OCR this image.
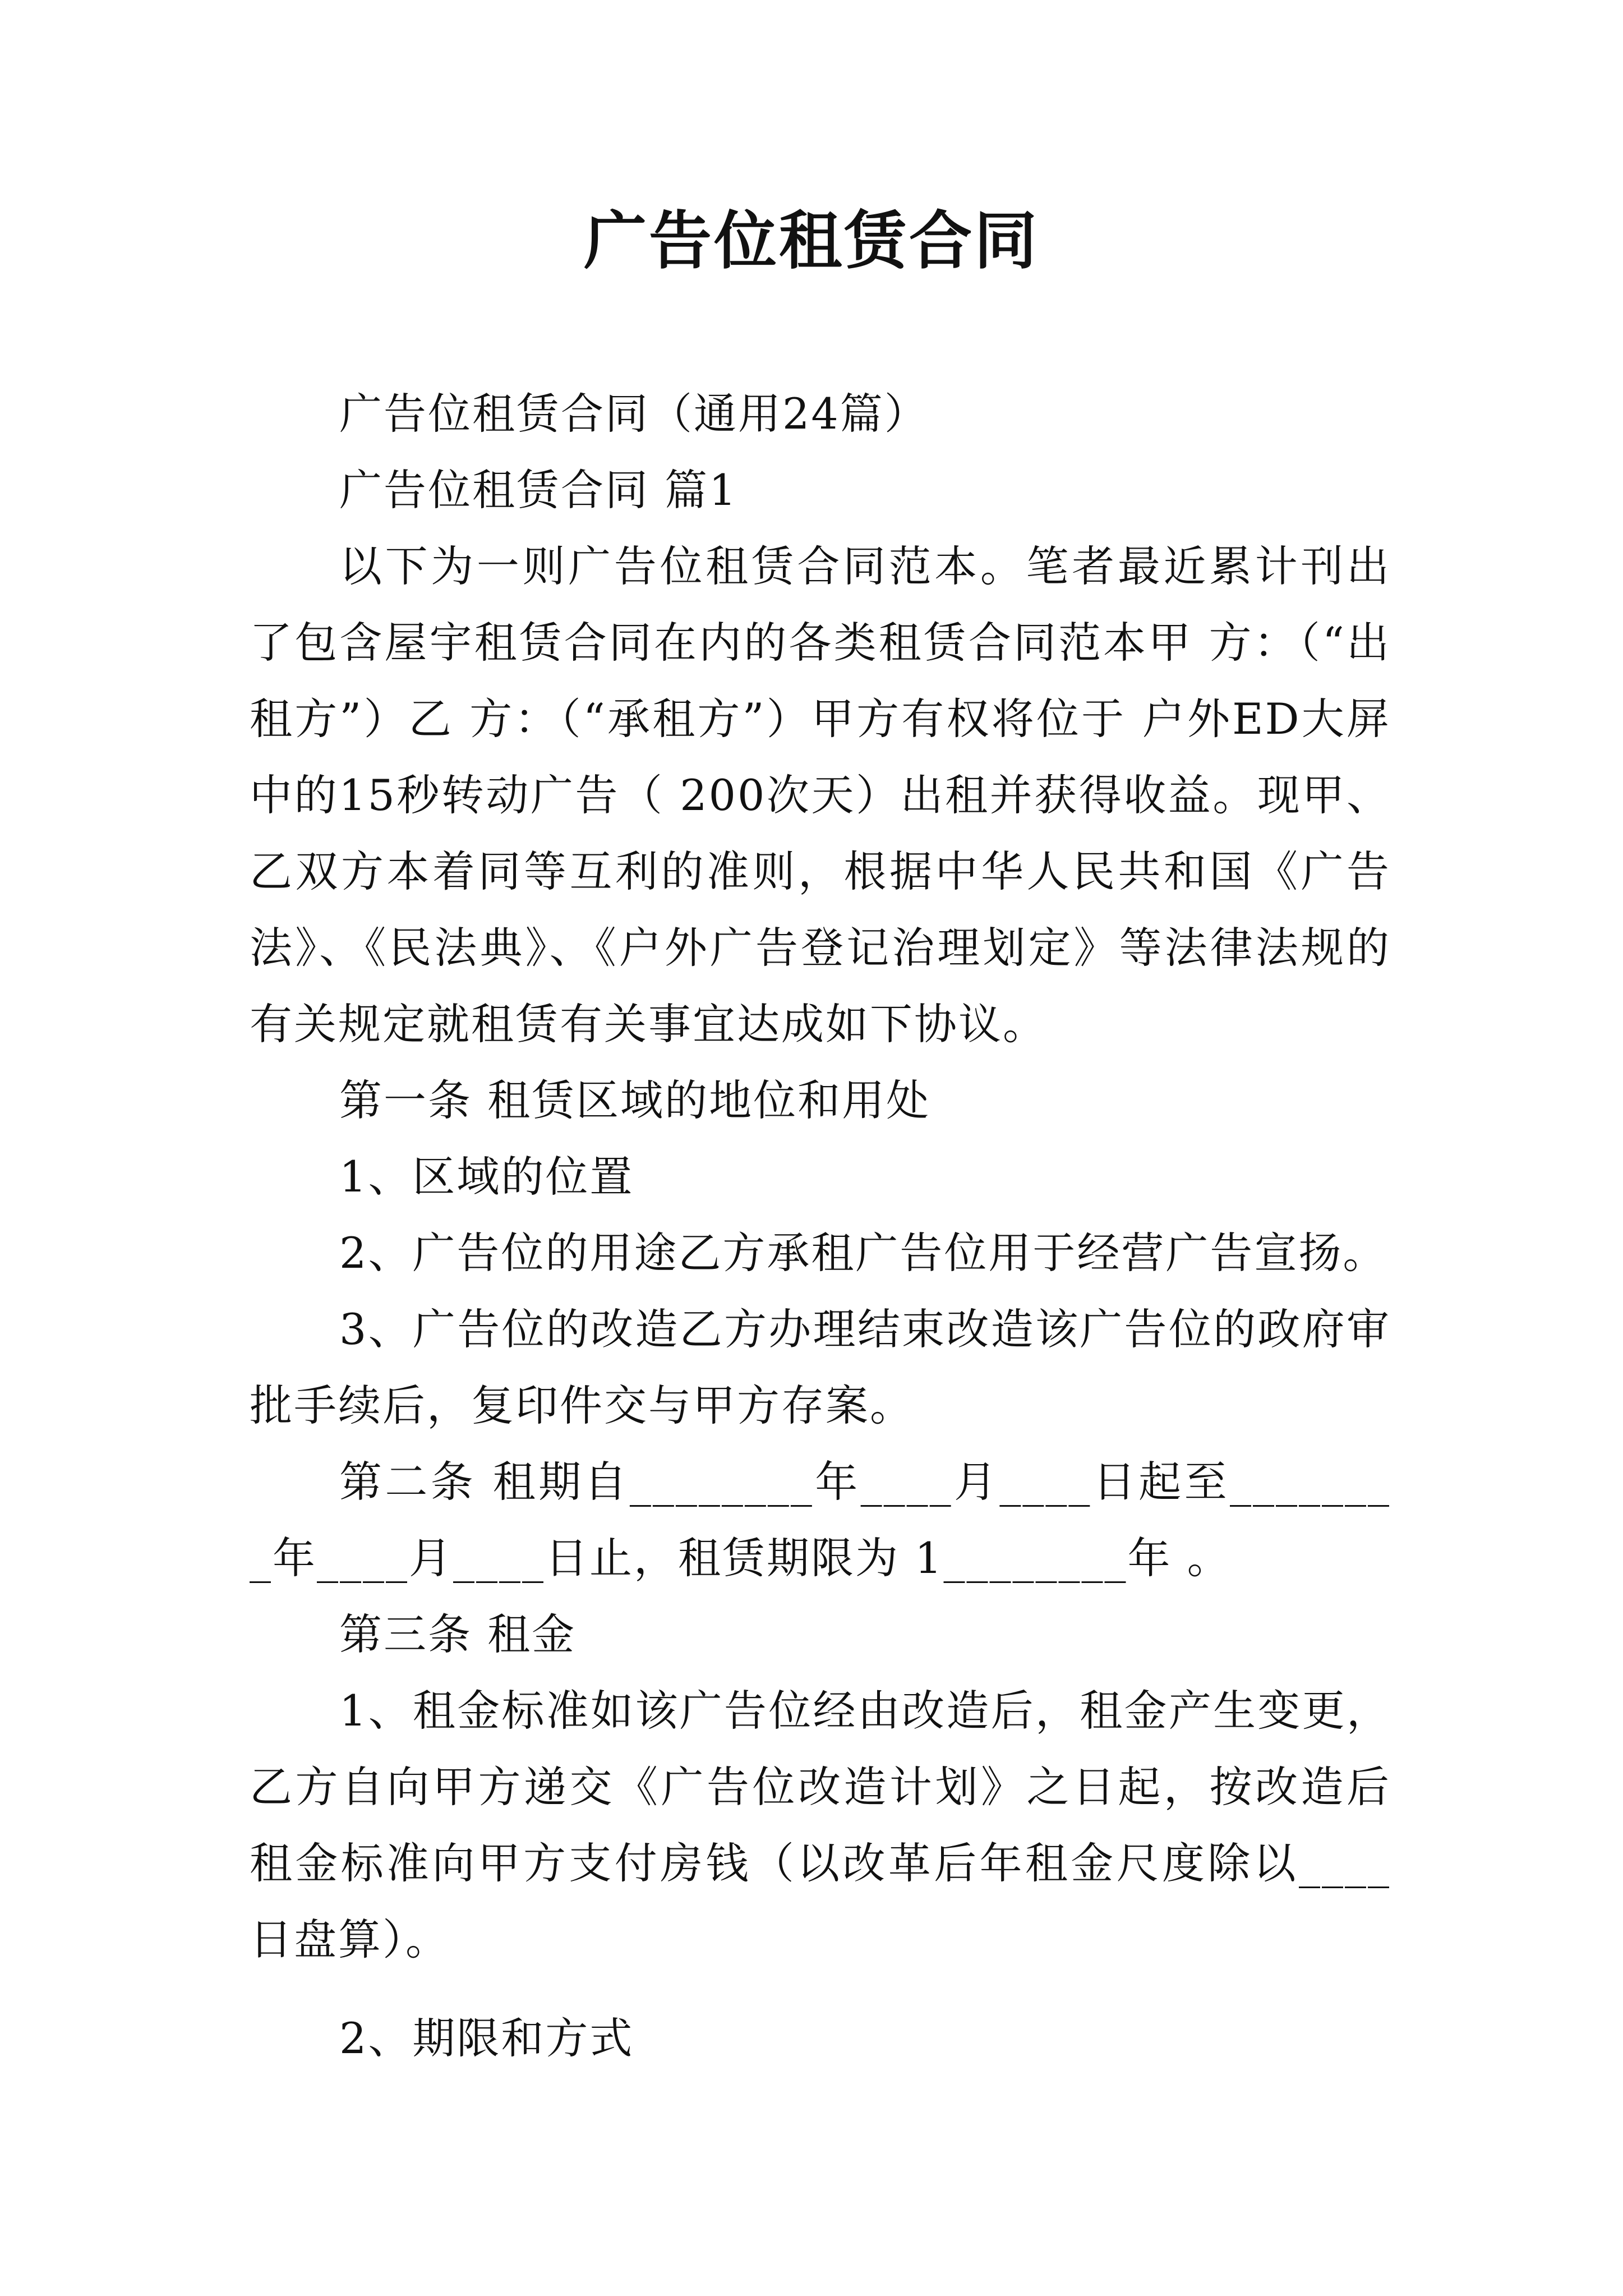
广告位租赁合同

广告位租赁合同（通用24篇）

广告位租赁合同 篇1

以下为一则广告位租赁合同范本。笔者最近累计刊出了包含屋宇租赁合同在内的各类租赁合同范本甲 方：（“出租方”）乙 方：（“承租方”）甲方有权将位于 户外ED大屏中的15秒转动广告（ 200次天）出租并获得收益。现甲、乙双方本着同等互利的准则，根据中华人民共和国《广告法》、《民法典》、《户外广告登记治理划定》等法律法规的有关规定就租赁有关事宜达成如下协议。

第一条 租赁区域的地位和用处

1、区域的位置

2、广告位的用途乙方承租广告位用于经营广告宣扬。

3、广告位的改造乙方办理结束改造该广告位的政府审批手续后，复印件交与甲方存案。

第二条 租期自________年____月____日起至________年____月____日止，租赁期限为 1________年 。

第三条 租金

1、租金标准如该广告位经由改造后，租金产生变更，乙方自向甲方递交《广告位改造计划》之日起，按改造后租金标准向甲方支付房钱（以改革后年租金尺度除以____日盘算）。

2、期限和方式
